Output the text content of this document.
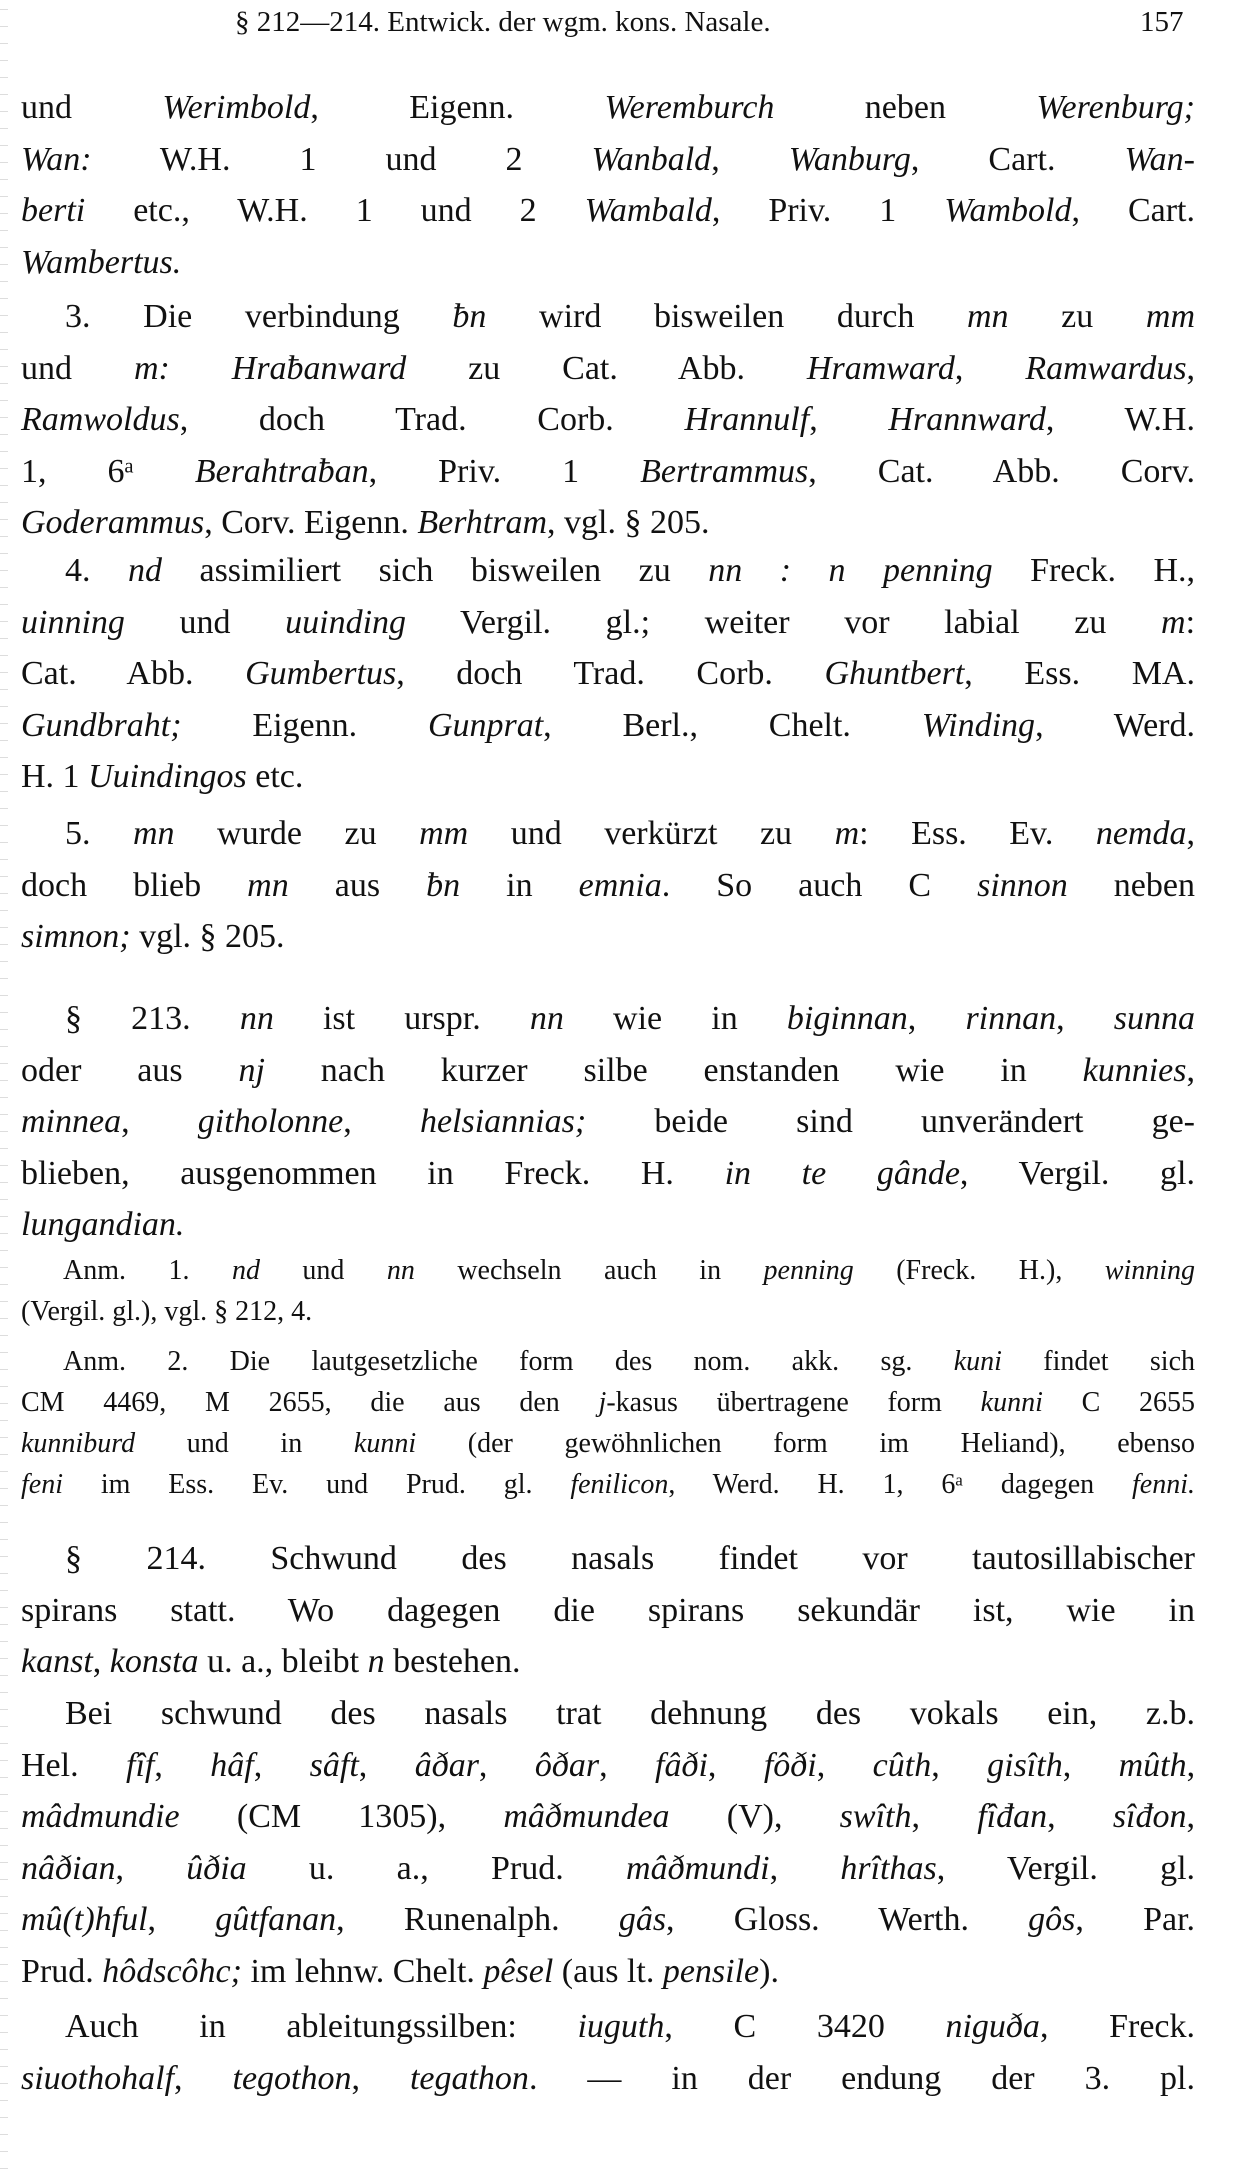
§ 212—214. Entwick. der wgm. kons. Nasale.	157
und Werimbold, Eigenn. Weremburch neben Werenburg;
Wan: W.H. 1 und 2 Wanbald, Wanburg, Cart. Wan-
berti etc., W.H. 1 und 2 Wambald, Priv. 1 Wambold, Cart.
Wambertus.
3. Die verbindung ƀn wird bisweilen durch mn zu mm
und m: Hraƀanward zu Cat. Abb. Hramward, Ramwardus,
Ramwoldus, doch Trad. Corb. Hrannulf, Hrannward, W.H.
1, 6ᵃ Berahtraƀan, Priv. 1 Bertrammus, Cat. Abb. Corv.
Goderammus, Corv. Eigenn. Berhtram, vgl. § 205.
4. nd assimiliert sich bisweilen zu nn : n penning Freck. H.,
uinning und uuinding Vergil. gl.; weiter vor labial zu m:
Cat. Abb. Gumbertus, doch Trad. Corb. Ghuntbert, Ess. MA.
Gundbraht; Eigenn. Gunprat, Berl., Chelt. Winding, Werd.
H. 1 Uuindingos etc.
5. mn wurde zu mm und verkürzt zu m: Ess. Ev. nemda,
doch blieb mn aus ƀn in emnia. So auch C sinnon neben
simnon; vgl. § 205.
§ 213. nn ist urspr. nn wie in biginnan, rinnan, sunna
oder aus nj nach kurzer silbe enstanden wie in kunnies,
minnea, githolonne, helsiannias; beide sind unverändert ge-
blieben, ausgenommen in Freck. H. in te gânde, Vergil. gl.
lungandian.
Anm. 1. nd und nn wechseln auch in penning (Freck. H.), winning
(Vergil. gl.), vgl. § 212, 4.
Anm. 2. Die lautgesetzliche form des nom. akk. sg. kuni findet sich
CM 4469, M 2655, die aus den j-kasus übertragene form kunni C 2655
kunniburd und in kunni (der gewöhnlichen form im Heliand), ebenso
feni im Ess. Ev. und Prud. gl. fenilicon, Werd. H. 1, 6ᵃ dagegen fenni.
§ 214. Schwund des nasals findet vor tautosillabischer
spirans statt. Wo dagegen die spirans sekundär ist, wie in
kanst, konsta u. a., bleibt n bestehen.
Bei schwund des nasals trat dehnung des vokals ein, z.b.
Hel. fîf, hâf, sâft, âðar, ôðar, fâði, fôði, cûth, gisîth, mûth,
mâdmundie (CM 1305), mâðmundea (V), swîth, fîđan, sîđon,
nâðian, ûðia u. a., Prud. mâðmundi, hrîthas, Vergil. gl.
mû(t)hful, gûtfanan, Runenalph. gâs, Gloss. Werth. gôs, Par.
Prud. hôdscôhc; im lehnw. Chelt. pêsel (aus lt. pensile).
Auch in ableitungssilben: iuguth, C 3420 niguða, Freck.
siuothohalf, tegothon, tegathon. — in der endung der 3. pl.
